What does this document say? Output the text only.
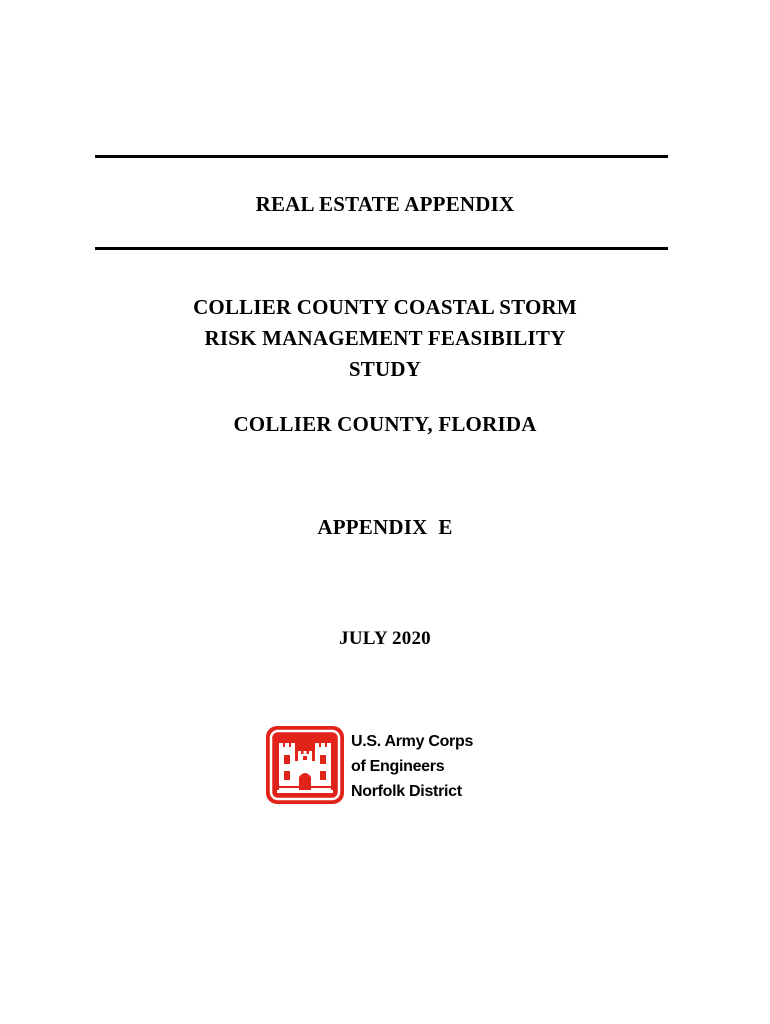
REAL ESTATE APPENDIX
COLLIER COUNTY COASTAL STORM
RISK MANAGEMENT FEASIBILITY
STUDY
COLLIER COUNTY, FLORIDA
APPENDIX  E
JULY 2020
U.S. Army Corps
of Engineers
Norfolk District
